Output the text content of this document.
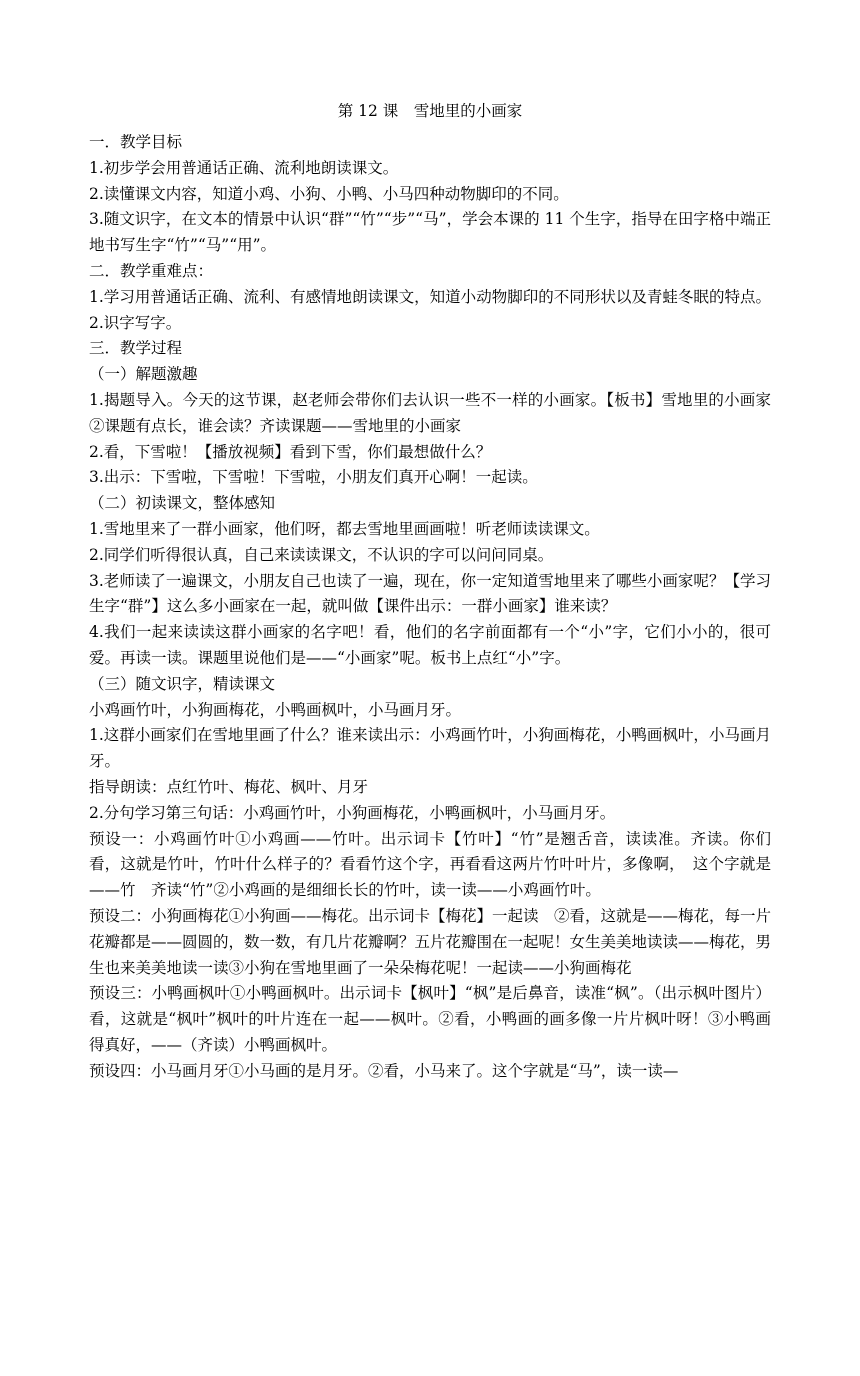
第 12 课　雪地里的小画家

一．教学目标

1.初步学会用普通话正确、流利地朗读课文。

2.读懂课文内容，知道小鸡、小狗、小鸭、小马四种动物脚印的不同。

3.随文识字，在文本的情景中认识“群”“竹”“步”“马”，学会本课的 11 个生字，指导在田字格中端正地书写生字“竹”“马”“用”。

二．教学重难点：

1.学习用普通话正确、流利、有感情地朗读课文，知道小动物脚印的不同形状以及青蛙冬眠的特点。2.识字写字。

三．教学过程

（一）解题激趣

1.揭题导入。今天的这节课，赵老师会带你们去认识一些不一样的小画家。【板书】雪地里的小画家②课题有点长，谁会读？齐读课题——雪地里的小画家

2.看，下雪啦！【播放视频】看到下雪，你们最想做什么？

3.出示：下雪啦，下雪啦！下雪啦，小朋友们真开心啊！一起读。

（二）初读课文，整体感知

1.雪地里来了一群小画家，他们呀，都去雪地里画画啦！听老师读读课文。

2.同学们听得很认真，自己来读读课文，不认识的字可以问问同桌。

3.老师读了一遍课文，小朋友自己也读了一遍，现在，你一定知道雪地里来了哪些小画家呢？【学习生字“群”】这么多小画家在一起，就叫做【课件出示：一群小画家】谁来读？

4.我们一起来读读这群小画家的名字吧！看，他们的名字前面都有一个“小”字，它们小小的，很可爱。再读一读。课题里说他们是——“小画家”呢。板书上点红“小”字。

（三）随文识字，精读课文

小鸡画竹叶，小狗画梅花，小鸭画枫叶，小马画月牙。

1.这群小画家们在雪地里画了什么？谁来读出示：小鸡画竹叶，小狗画梅花，小鸭画枫叶，小马画月牙。

指导朗读：点红竹叶、梅花、枫叶、月牙

2.分句学习第三句话：小鸡画竹叶，小狗画梅花，小鸭画枫叶，小马画月牙。

预设一：小鸡画竹叶①小鸡画——竹叶。出示词卡【竹叶】“竹”是翘舌音，读读准。齐读。你们看，这就是竹叶，竹叶什么样子的？看看竹这个字，再看看这两片竹叶叶片，多像啊，　这个字就是——竹　齐读“竹”②小鸡画的是细细长长的竹叶，读一读——小鸡画竹叶。

预设二：小狗画梅花①小狗画——梅花。出示词卡【梅花】一起读　②看，这就是——梅花，每一片花瓣都是——圆圆的，数一数，有几片花瓣啊？五片花瓣围在一起呢！女生美美地读读——梅花，男生也来美美地读一读③小狗在雪地里画了一朵朵梅花呢！一起读——小狗画梅花

预设三：小鸭画枫叶①小鸭画枫叶。出示词卡【枫叶】“枫”是后鼻音，读准“枫”。（出示枫叶图片）看，这就是“枫叶”枫叶的叶片连在一起——枫叶。②看，小鸭画的画多像一片片枫叶呀！③小鸭画得真好，——（齐读）小鸭画枫叶。

预设四：小马画月牙①小马画的是月牙。②看，小马来了。这个字就是“马”，读一读—
